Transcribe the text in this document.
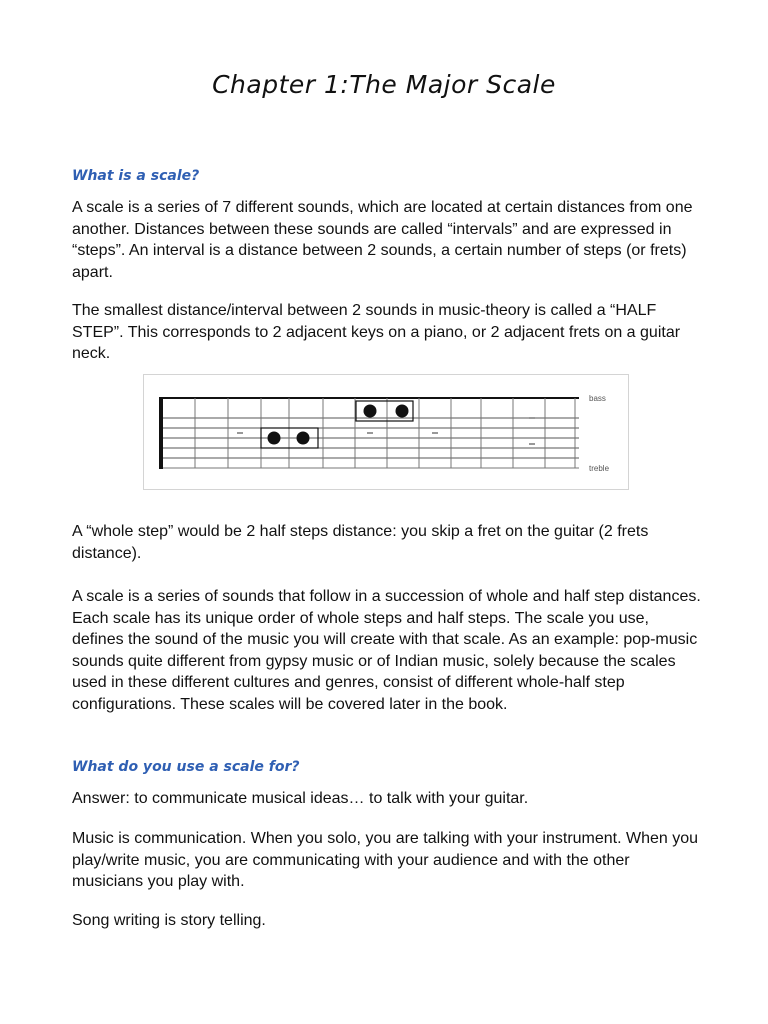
Chapter 1:The Major Scale
What is a scale?

A scale is a series of 7 different sounds, which are located at certain distances from one another. Distances between these sounds are called “intervals” and are expressed in “steps”. An interval is a distance between 2 sounds, a certain number of steps (or frets) apart.

The smallest distance/interval between 2 sounds in music-theory is called a “HALF STEP”. This corresponds to 2 adjacent keys on a piano, or 2 adjacent frets on a guitar neck.

bass
treble

A “whole step” would be 2 half steps distance: you skip a fret on the guitar (2 frets distance).

A scale is a series of sounds that follow in a succession of whole and half step distances. Each scale has its unique order of whole steps and half steps. The scale you use, defines the sound of the music you will create with that scale. As an example: pop-music sounds quite different from gypsy music or of Indian music, solely because the scales used in these different cultures and genres, consist of different whole-half step configurations. These scales will be covered later in the book.

What do you use a scale for?

Answer: to communicate musical ideas… to talk with your guitar.

Music is communication. When you solo, you are talking with your instrument. When you play/write music, you are communicating with your audience and with the other musicians you play with.

Song writing is story telling.
